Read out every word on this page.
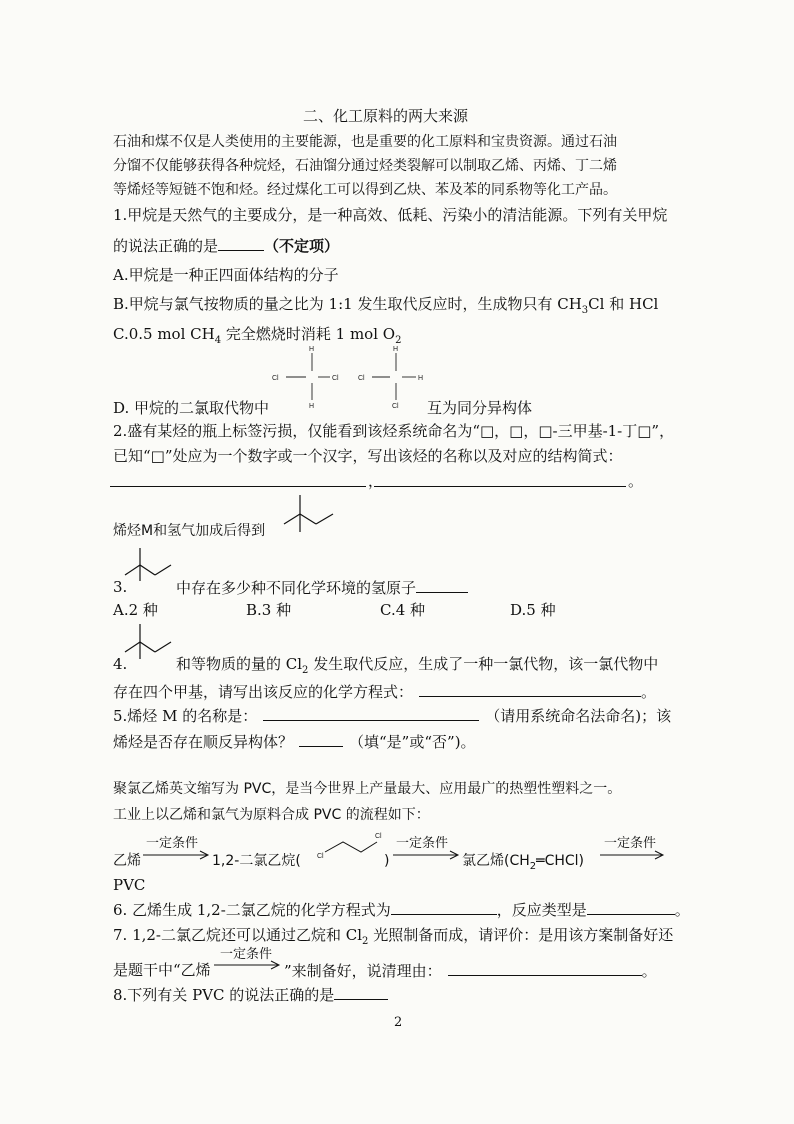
二、化工原料的两大来源
石油和煤不仅是人类使用的主要能源，也是重要的化工原料和宝贵资源。通过石油
分馏不仅能够获得各种烷烃，石油馏分通过烃类裂解可以制取乙烯、丙烯、丁二烯
等烯烃等短链不饱和烃。经过煤化工可以得到乙炔、苯及苯的同系物等化工产品。
1.甲烷是天然气的主要成分，是一种高效、低耗、污染小的清洁能源。下列有关甲烷
的说法正确的是	（不定项）
A.甲烷是一种正四面体结构的分子
B.甲烷与氯气按物质的量之比为 1:1 发生取代反应时，生成物只有 $CH_3Cl$ 和 HCl
C.0.5 mol $CH_4$ 完全燃烧时消耗 1 mol $O_2$
H
Cl	Cl
H
H
Cl	H
Cl
D. 甲烷的二氯取代物中	互为同分异构体
2.盛有某烃的瓶上标签污损，仅能看到该烃系统命名为“□，□，□-三甲基-1-丁□”，
已知“□”处应为一个数字或一个汉字，写出该烃的名称以及对应的结构简式：
，	。
烯烃M和氢气加成后得到
3.	中存在多少种不同化学环境的氢原子
A.2 种	B.3 种	C.4 种	D.5 种
4.	和等物质的量的 $Cl_2$ 发生取代反应，生成了一种一氯代物，该一氯代物中
存在四个甲基，请写出该反应的化学方程式：	。
5.烯烃 M 的名称是：	（请用系统命名法命名)；该
烯烃是否存在顺反异构体？	（填“是”或“否”)。
聚氯乙烯英文缩写为 PVC，是当今世界上产量最大、应用最广的热塑性塑料之一。
工业上以乙烯和氯气为原料合成 PVC 的流程如下：
乙烯
一定条件
1,2-二氯乙烷( Cl
Cl
)
一定条件
氯乙烯$(CH_2═CHCl)$
一定条件
PVC
6. 乙烯生成 1,2-二氯乙烷的化学方程式为	，反应类型是	。
7. 1,2-二氯乙烷还可以通过乙烷和 $Cl_2$ 光照制备而成，请评价：是用该方案制备好还
一定条件
是题干中“乙烯	”来制备好，说清理由：	。
8.下列有关 PVC 的说法正确的是
2
